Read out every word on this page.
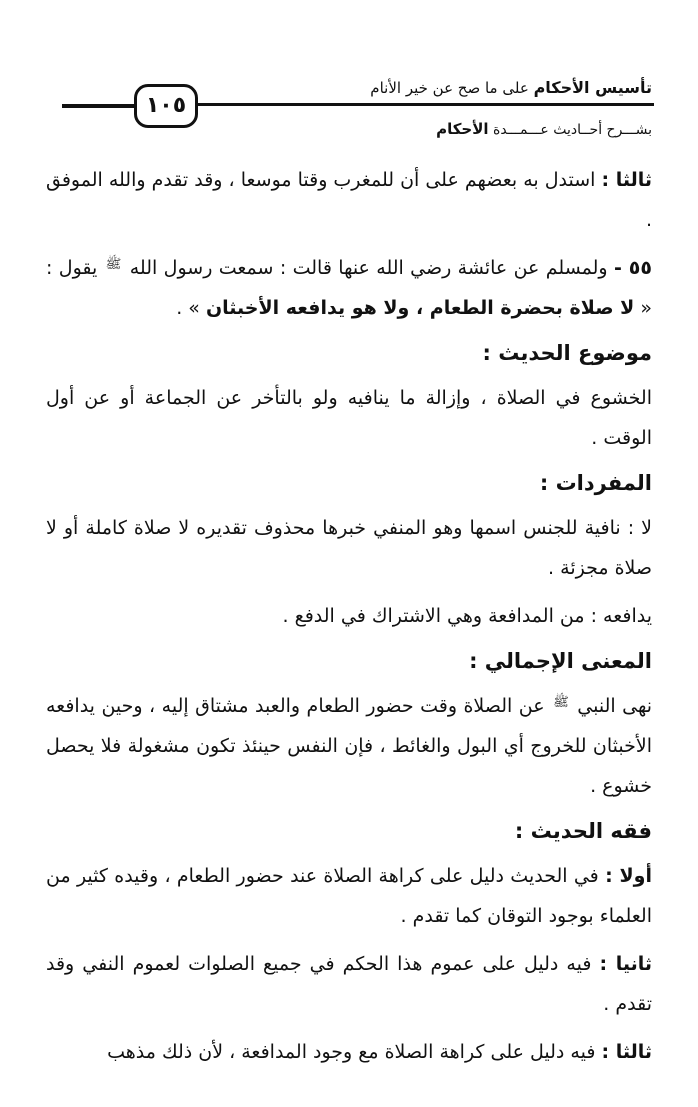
تأسيس الأحكام على ما صح عن خير الأنام
١٠٥
بشـــرح أحــاديث عـــمـــدة الأحكام

ثالثا : استدل به بعضهم على أن للمغرب وقتا موسعا ، وقد تقدم والله الموفق .

٥٥ - ولمسلم عن عائشة رضي الله عنها قالت : سمعت رسول الله ﷺ يقول : « لا صلاة بحضرة الطعام ، ولا هو يدافعه الأخبثان » .

موضوع الحديث :

الخشوع في الصلاة ، وإزالة ما ينافيه ولو بالتأخر عن الجماعة أو عن أول الوقت .

المفردات :

لا : نافية للجنس اسمها وهو المنفي خبرها محذوف تقديره لا صلاة كاملة أو لا صلاة مجزئة .

يدافعه : من المدافعة وهي الاشتراك في الدفع .

المعنى الإجمالي :

نهى النبي ﷺ عن الصلاة وقت حضور الطعام والعبد مشتاق إليه ، وحين يدافعه الأخبثان للخروج أي البول والغائط ، فإن النفس حينئذ تكون مشغولة فلا يحصل خشوع .

فقه الحديث :

أولا : في الحديث دليل على كراهة الصلاة عند حضور الطعام ، وقيده كثير من العلماء بوجود التوقان كما تقدم .

ثانيا : فيه دليل على عموم هذا الحكم في جميع الصلوات لعموم النفي وقد تقدم .

ثالثا : فيه دليل على كراهة الصلاة مع وجود المدافعة ، لأن ذلك مذهب
